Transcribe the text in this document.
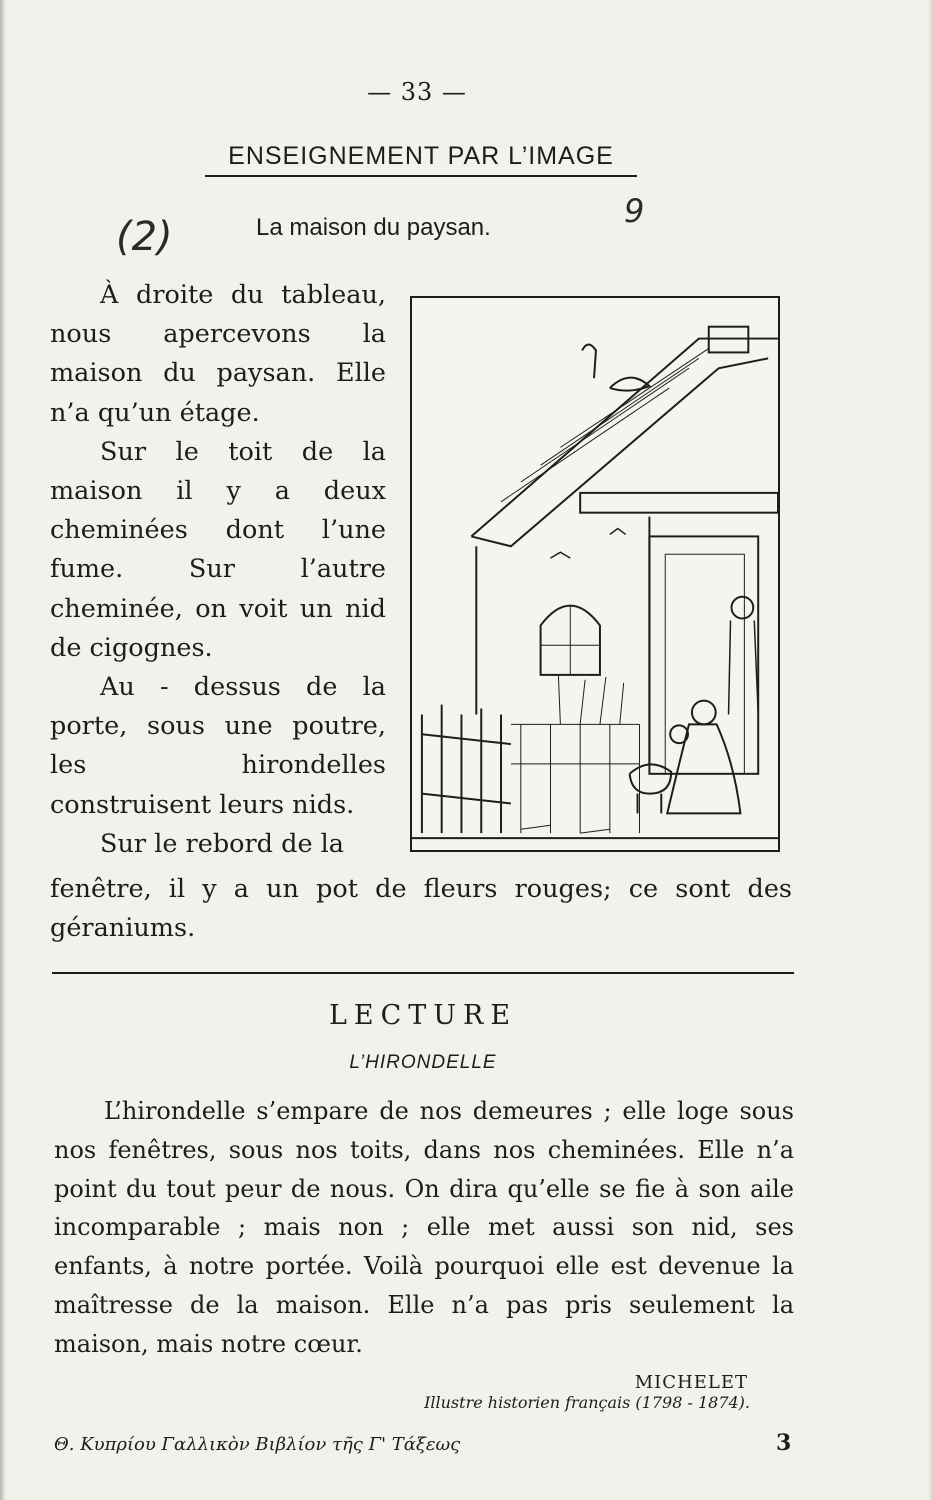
— 33 —
ENSEIGNEMENT PAR L’IMAGE
(2)	La maison du paysan.	9

À droite du tableau, nous apercevons la maison du paysan. Elle n’a qu’un étage.

Sur le toit de la maison il y a deux cheminées dont l’une fume. Sur l’autre cheminée, on voit un nid de cigognes.

Au - dessus de la porte, sous une poutre, les hirondelles construisent leurs nids.

Sur le rebord de la

fenêtre, il y a un pot de fleurs rouges; ce sont des géraniums.
LECTURE
L’HIRONDELLE

L’hirondelle s’empare de nos demeures ; elle loge sous nos fenêtres, sous nos toits, dans nos cheminées. Elle n’a point du tout peur de nous. On dira qu’elle se fie à son aile incomparable ; mais non ; elle met aussi son nid, ses enfants, à notre portée. Voilà pourquoi elle est devenue la maîtresse de la maison. Elle n’a pas pris seulement la maison, mais notre cœur.

MICHELET
Illustre historien français (1798 - 1874).
Θ. Κυπρίου Γαλλικὸν Βιβλίον τῆς Γ' Τάξεως	3
